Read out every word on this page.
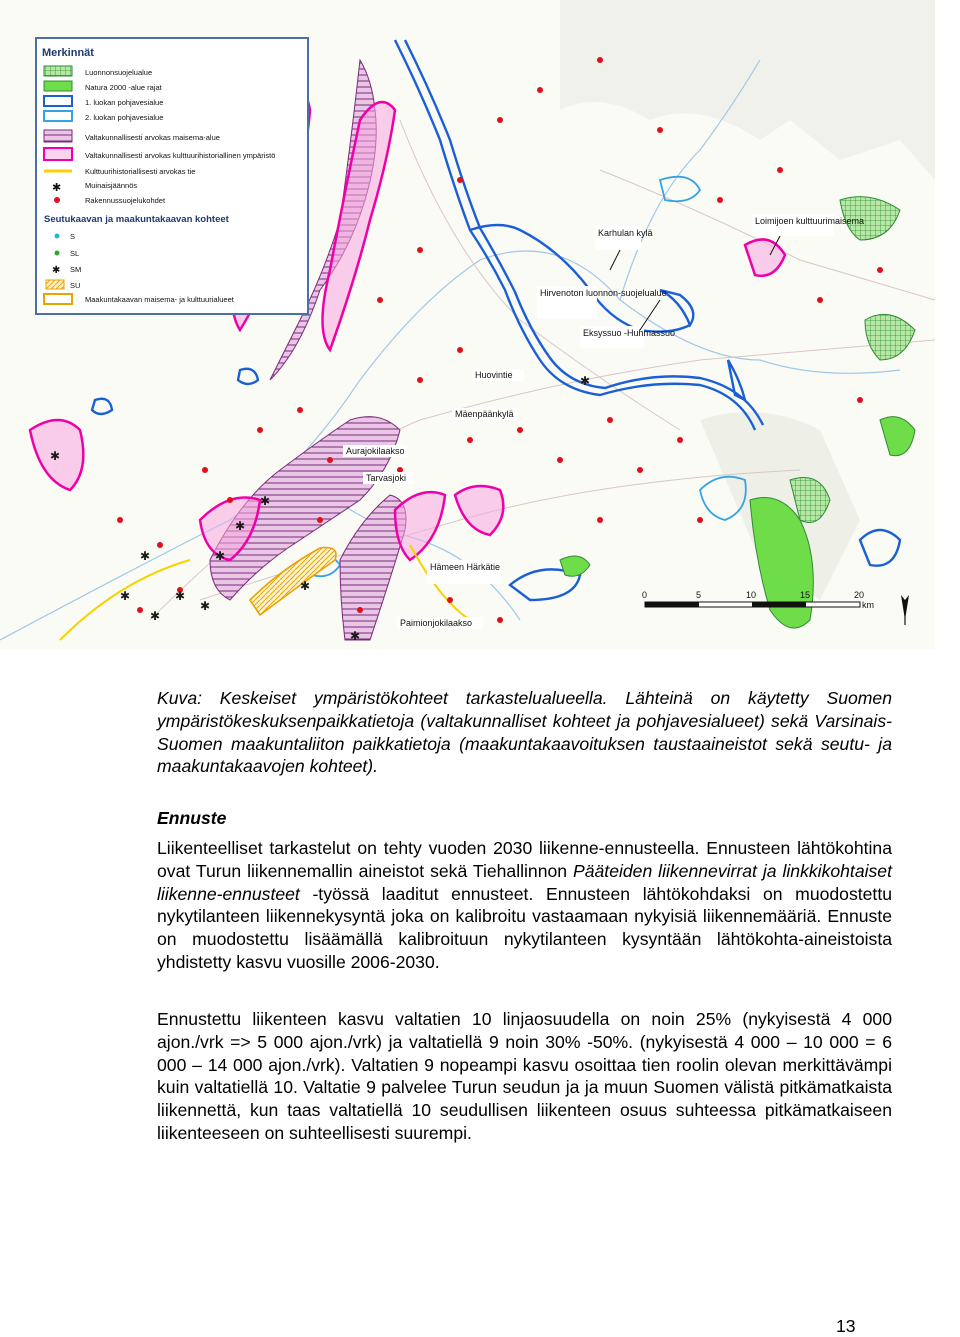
✱
✱
✱
✱
✱
✱
✱
✱
✱
✱
✱
✱
Karhulan kylä
Loimijoen kulttuurimaisema
Hirvenoton luonnon-suojelualue
Eksyssuo -Huhmassuo
Huovintie
Mäenpäänkylä
Aurajokilaakso
Tarvasjoki
Hämeen Härkätie
Paimionjokilaakso
0	5	10	15	20
km
Merkinnät
Luonnonsuojelualue
Natura 2000 -alue rajat
1. luokan pohjavesialue
2. luokan pohjavesialue
Valtakunnallisesti arvokas maisema-alue
Valtakunnallisesti arvokas kulttuurihistoriallinen ympäristö
Kulttuurihistoriallisesti arvokas tie
✱	Muinaisjäännös
Rakennussuojelukohdet
Seutukaavan ja maakuntakaavan kohteet
S
SL
✱ SM
SU
Maakuntakaavan maisema- ja kulttuurialueet

Kuva: Keskeiset ympäristökohteet tarkastelualueella. Lähteinä on käytetty Suomen ympäristökeskuksenpaikkatietoja (valtakunnalliset kohteet ja pohjavesialueet) sekä Varsinais-Suomen maakuntaliiton paikkatietoja (maakuntakaavoituksen taustaaineistot sekä seutu- ja maakuntakaavojen kohteet).

Ennuste

Liikenteelliset tarkastelut on tehty vuoden 2030 liikenne-ennusteella. Ennusteen lähtökohtina ovat Turun liikennemallin aineistot sekä Tiehallinnon Pääteiden liikennevirrat ja linkkikohtaiset liikenne-ennusteet -työssä laaditut ennusteet. Ennusteen lähtökohdaksi on muodostettu nykytilanteen liikennekysyntä joka on kalibroitu vastaamaan nykyisiä liikennemääriä. Ennuste on muodostettu lisäämällä kalibroituun nykytilanteen kysyntään lähtökohta-aineistoista yhdistetty kasvu vuosille 2006-2030.

Ennustettu liikenteen kasvu valtatien 10 linjaosuudella on noin 25% (nykyisestä 4 000 ajon./vrk => 5 000 ajon./vrk) ja valtatiellä 9 noin 30% -50%. (nykyisestä 4 000 – 10 000 = 6 000 – 14 000 ajon./vrk). Valtatien 9 nopeampi kasvu osoittaa tien roolin olevan merkittävämpi kuin valtatiellä 10. Valtatie 9 palvelee Turun seudun ja ja muun Suomen välistä pitkämatkaista liikennettä, kun taas valtatiellä 10 seudullisen liikenteen osuus suhteessa pitkämatkaiseen liikenteeseen on suhteellisesti suurempi.

13
